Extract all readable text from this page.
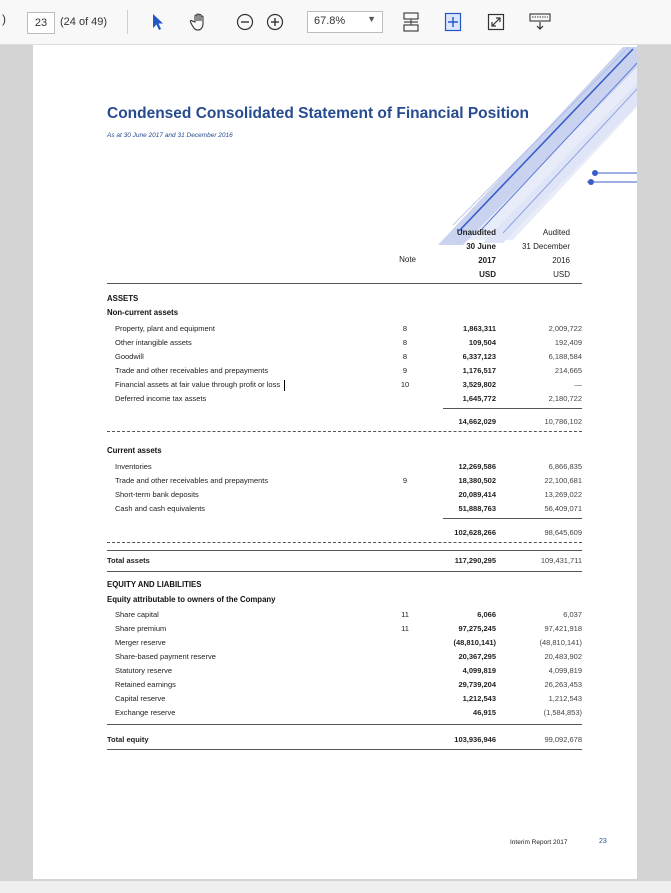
)	23	(24 of 49)	67.8% ▼
Condensed Consolidated Statement of Financial Position
As at 30 June 2017 and 31 December 2016
Note
Unaudited
30 June
2017
USD
Audited
31 December
2016
USD
ASSETS
Non-current assets
Property, plant and equipment	8	1,863,311	2,009,722
Other intangible assets	8	109,504	192,409
Goodwill	8	6,337,123	6,188,584
Trade and other receivables and prepayments	9	1,176,517	214,665
Financial assets at fair value through profit or loss	10	3,529,802	—
Deferred income tax assets	1,645,772	2,180,722
14,662,029	10,786,102
Current assets
Inventories	12,269,586	6,866,835
Trade and other receivables and prepayments	9	18,380,502	22,100,681
Short-term bank deposits	20,089,414	13,269,022
Cash and cash equivalents	51,888,763	56,409,071
102,628,266	98,645,609
Total assets	117,290,295	109,431,711
EQUITY AND LIABILITIES
Equity attributable to owners of the Company
Share capital	11	6,066	6,037
Share premium	11	97,275,245	97,421,918
Merger reserve	(48,810,141)	(48,810,141)
Share-based payment reserve	20,367,295	20,483,902
Statutory reserve	4,099,819	4,099,819
Retained earnings	29,739,204	26,263,453
Capital reserve	1,212,543	1,212,543
Exchange reserve	46,915	(1,584,853)
Total equity	103,936,946	99,092,678
Interim Report 2017	23
